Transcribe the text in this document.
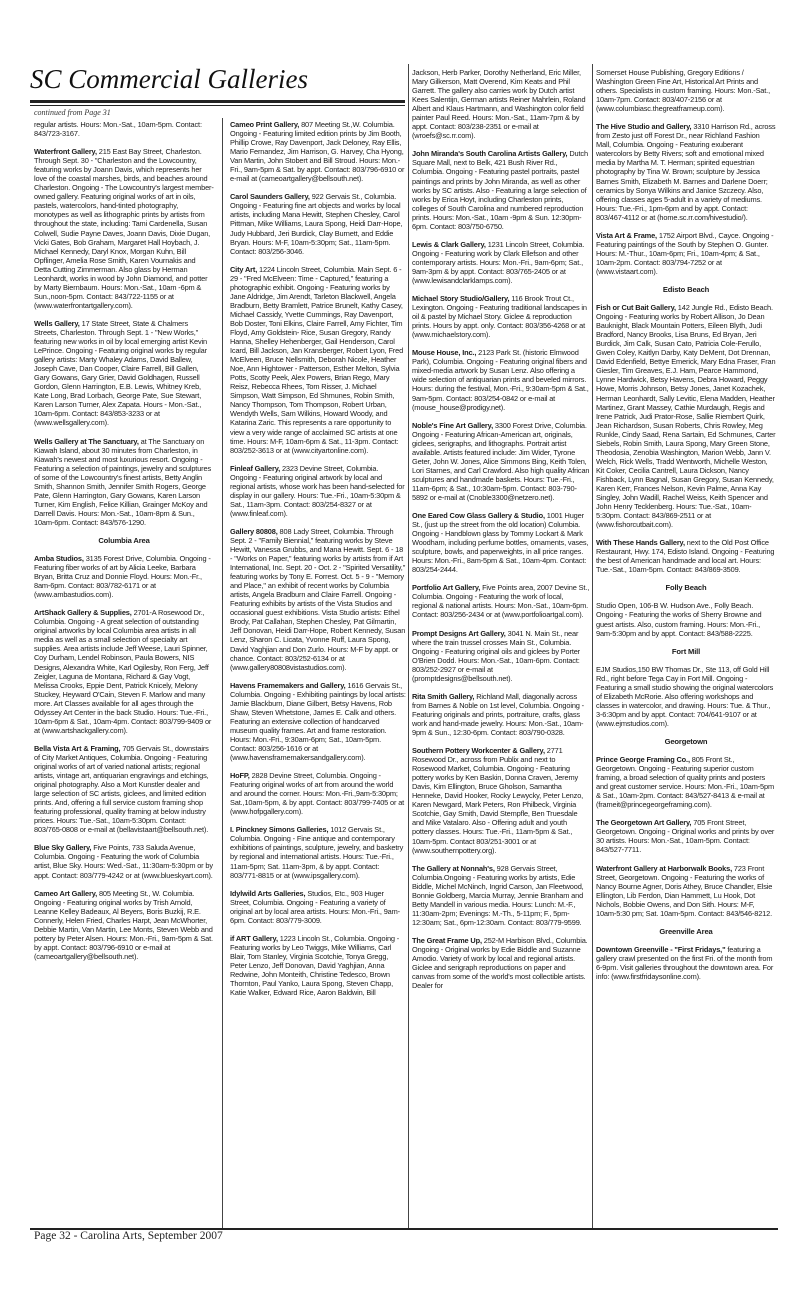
SC Commercial Galleries
continued from Page 31
regular artists. Hours: Mon.-Sat., 10am-5pm. Contact: 843/723-3167.
Waterfront Gallery, 215 East Bay Street, Charleston. Through Sept. 30 - "Charleston and the Lowcountry, featuring works by Joann Davis, which represents her love of the coastal marshes, birds, and beaches around Charleston. Ongoing - The Lowcountry's largest member-owned gallery. Featuring original works of art in oils, pastels, watercolors, hand-tinted photography, monotypes as well as lithographic prints by artists from throughout the state, including: Tami Cardenella, Susan Colwell, Sudie Payne Daves, Joann Davis, Dixie Dugan, Vicki Gates, Bob Graham, Margaret Hall Hoybach, J. Michael Kennedy, Daryl Knox, Morgan Kuhn, Bill Opflinger, Amelia Rose Smith, Karen Vournakis and Detta Cutting Zimmerman. Also glass by Herman Leonhardt, works in wood by John Diamond, and potter by Marty Biernbaum. Hours: Mon.-Sat., 10am -6pm & Sun.,noon-5pm. Contact: 843/722-1155 or at (www.waterfrontartgallery.com).
Wells Gallery, 17 State Street, State & Chalmers Streets, Charleston. Through Sept. 1 - "New Works," featuring new works in oil by local emerging artist Kevin LePrince. Ongoing - Featuring original works by regular gallery artists: Marty Whaley Adams, David Ballew, Joseph Cave, Dan Cooper, Claire Farrell, Bill Gallen, Gary Gowans, Gary Grier, David Goldhagen, Russell Gordon, Glenn Harrington, E.B. Lewis, Whitney Kreb, Kate Long, Brad Lorbach, George Pate, Sue Stewart, Karen Larson Turner, Alex Zapata. Hours - Mon.-Sat., 10am-6pm. Contact: 843/853-3233 or at (www.wellsgallery.com).
Wells Gallery at The Sanctuary, at The Sanctuary on Kiawah Island, about 30 minutes from Charleston, in Kiawah's newest and most luxurious resort. Ongoing - Featuring a selection of paintings, jewelry and sculptures of some of the Lowcountry's finest artists, Betty Anglin Smith, Shannon Smith, Jennifer Smith Rogers, George Pate, Glenn Harrington, Gary Gowans, Karen Larson Turner, Kim English, Felice Killian, Grainger McKoy and Darrell Davis. Hours: Mon.-Sat., 10am-8pm & Sun., 10am-6pm. Contact: 843/576-1290.
Columbia Area
Amba Studios, 3135 Forest Drive, Columbia. Ongoing - Featuring fiber works of art by Alicia Leeke, Barbara Bryan, Britta Cruz and Donnie Floyd. Hours: Mon.-Fr., 8am-6pm. Contact: 803/782-6171 or at (www.ambastudios.com).
ArtShack Gallery & Supplies, 2701-A Rosewood Dr., Columbia. Ongoing - A great selection of outstanding original artworks by local Columbia area artists in all media as well as a small selection of specialty art supplies. Area artists include Jeff Weese, Lauri Spinner, Coy Durham, Lendel Robinson, Paula Bowers, NIS Designs, Alexandra White, Karl Ogilesby, Ron Ferg, Jeff Zeigler, Laguna de Montana, Richard & Gay Vogt, Melissa Crooks, Eppie Dent, Patrick Knicely, Melony Stuckey, Heyward O'Cain, Steven F. Marlow and many more. Art Classes available for all ages through the Odyssey Art Center in the back Studio. Hours: Tue.-Fri., 10am-6pm & Sat., 10am-4pm. Contact: 803/799-9409 or at (www.artshackgallery.com).
Bella Vista Art & Framing, 705 Gervais St., downstairs of City Market Antiques, Columbia. Ongoing - Featuring original works of art of varied national artists; regional artists, vintage art, antiquarian engravings and etchings, original photography. Also a Mort Kunstler dealer and large selection of SC artists, giclees, and limited edition prints. And, offering a full service custom framing shop featuring professional, quality framing at below industry prices. Hours: Tue.-Sat., 10am-5:30pm. Contact: 803/765-0808 or e-mail at (bellavistaart@bellsouth.net).
Blue Sky Gallery, Five Points, 733 Saluda Avenue, Columbia. Ongoing - Featuring the work of Columbia artist, Blue Sky. Hours: Wed.-Sat., 11:30am-5:30pm or by appt. Contact: 803/779-4242 or at (www.blueskyart.com).
Cameo Art Gallery, 805 Meeting St., W. Columbia. Ongoing - Featuring original works by Trish Arnold, Leanne Kelley Badeaux, Al Beyers, Boris Buzkij, R.E. Connerly, Helen Fried, Charles Harpt, Jean McWhorter, Debbie Martin, Van Martin, Lee Monts, Steven Webb and pottery by Peter Alsen. Hours: Mon.-Fri., 9am-5pm & Sat. by appt. Contact: 803/796-6910 or e-mail at (cameoartgallery@bellsouth.net).
Cameo Print Gallery, 807 Meeting St.,W. Columbia. Ongoing - Featuring limited edition prints by Jim Booth, Phillip Crowe, Ray Davenport, Jack Deloney, Ray Ellis, Mario Fernandez, Jim Harrison, G. Harvey, Cha Hyong, Van Martin, John Stobert and Bill Stroud. Hours: Mon.-Fri., 9am-5pm & Sat. by appt. Contact: 803/796-6910 or e-mail at (cameoartgallery@bellsouth.net).
Carol Saunders Gallery, 922 Gervais St., Columbia. Ongoing - Featuring fine art objects and works by local artists, including Mana Hewitt, Stephen Chesley, Carol Pittman, Mike Williams, Laura Spong, Heidi Darr-Hope, Judy Hubbard, Jeri Burdick, Clay Burnett, and Eddie Bryan. Hours: M-F, 10am-5:30pm; Sat., 11am-5pm. Contact: 803/256-3046.
City Art, 1224 Lincoln Street, Columbia. Main Sept. 6 - 29 - "Fred McElveen: Time - Captured," featuring a photographic exhibit. Ongoing - Featuring works by Jane Aldridge, Jim Arendt, Tarleton Blackwell, Angela Bradburn, Betty Bramlett, Patrice Brunelt, Kathy Casey, Michael Cassidy, Yvette Cummings, Ray Davenport, Bob Doster, Toni Elkins, Claire Farrell, Amy Fichter, Tim Floyd, Amy Goldstein- Rice, Susan Gregory, Randy Hanna, Shelley Hehenberger, Gail Henderson, Carol Icard, Bill Jackson, Jan Kransberger, Robert Lyon, Fred McElveen, Bruce Nellsmith, Deborah Nicole, Heather Noe, Ann Hightower - Patterson, Esther Melton, Sylvia Potts, Scotty Peek, Alex Powers, Brian Rego, Mary Reisz, Rebecca Rhees, Tom Risser, J. Michael Simpson, Watt Simpson, Ed Shmunes, Robin Smith, Nancy Thompson, Tom Thompson, Robert Urban, Wendyth Wells, Sam Wilkins, Howard Woody, and Katarina Zaric. This represents a rare opportunity to view a very wide range of acclaimed SC artists at one time. Hours: M-F, 10am-6pm & Sat., 11-3pm. Contact: 803/252-3613 or at (www.cityartonline.com).
Finleaf Gallery, 2323 Devine Street, Columbia. Ongoing - Featuring original artwork by local and regional artists, whose work has been hand-selected for display in our gallery. Hours: Tue.-Fri., 10am-5:30pm & Sat., 11am-3pm. Contact: 803/254-8327 or at (www.finleaf.com).
Gallery 80808, 808 Lady Street, Columbia. Through Sept. 2 - "Family Biennial," featuring works by Steve Hewitt, Vanessa Grubbs, and Mana Hewitt. Sept. 6 - 18 - "Works on Paper," featuring works by artists from if Art International, Inc. Sept. 20 - Oct. 2 - "Spirited Versatility," featuring works by Tony E. Forrest. Oct. 5 - 9 - "Memory and Place," an exhibit of recent works by Columbia artists, Angela Bradburn and Claire Farrell. Ongoing - Featuring exhibits by artists of the Vista Studios and occasional guest exhibitions. Vista Studio artists: Ethel Brody, Pat Callahan, Stephen Chesley, Pat Gilmartin, Jeff Donovan, Heidi Darr-Hope, Robert Kennedy, Susan Lenz, Sharon C. Licata, Yvonne Ruff, Laura Spong, David Yaghjian and Don Zurlo. Hours: M-F by appt. or chance. Contact: 803/252-6134 or at (www.gallery80808vistastudios.com).
Havens Framemakers and Gallery, 1616 Gervais St., Columbia. Ongoing - Exhibiting paintings by local artists: Jamie Blackburn, Diane Gilbert, Betsy Havens, Rob Shaw, Steven Whetstone, James E. Calk and others. Featuring an extensive collection of handcarved museum quality frames. Art and frame restoration. Hours: Mon.-Fri., 9:30am-6pm; Sat., 10am-5pm. Contact: 803/256-1616 or at (www.havensframemakersandgallery.com).
HoFP, 2828 Devine Street, Columbia. Ongoing - Featuring original works of art from around the world and around the corner. Hours: Mon.-Fri.,9am-5:30pm; Sat.,10am-5pm, & by appt. Contact: 803/799-7405 or at (www.hofpgallery.com).
I. Pinckney Simons Galleries, 1012 Gervais St., Columbia. Ongoing - Fine antique and contemporary exhibitions of paintings, sculpture, jewelry, and basketry by regional and international artists. Hours: Tue.-Fri., 11am-5pm; Sat. 11am-3pm, & by appt. Contact: 803/771-8815 or at (www.ipsgallery.com).
Idylwild Arts Galleries, Studios, Etc., 903 Huger Street, Columbia. Ongoing - Featuring a variety of original art by local area artists. Hours: Mon.-Fri., 9am-6pm. Contact: 803/779-3009.
if ART Gallery, 1223 Lincoln St., Columbia. Ongoing - Featuring works by Leo Twiggs, Mike Williams, Carl Blair, Tom Stanley, Virginia Scotchie, Tonya Gregg, Peter Lenzo, Jeff Donovan, David Yaghjian, Anna Redwine, John Monteith, Christine Tedesco, Brown Thornton, Paul Yanko, Laura Spong, Steven Chapp, Katie Walker, Edward Rice, Aaron Baldwin, Bill
Jackson, Herb Parker, Dorothy Netherland, Eric Miller, Mary Gilkerson, Matt Overend, Kim Keats and Phil Garrett. The gallery also carries work by Dutch artist Kees Salentijn, German artists Reiner Mahrlein, Roland Albert and Klaus Hartmann, and Washington color field painter Paul Reed. Hours: Mon.-Sat., 11am-7pm & by appt. Contact: 803/238-2351 or e-mail at (wroefs@sc.rr.com).
John Miranda's South Carolina Artists Gallery, Dutch Square Mall, next to Belk, 421 Bush River Rd., Columbia. Ongoing - Featuring pastel portraits, pastel paintings and prints by John Miranda, as well as other works by SC artists. Also - Featuring a large selection of works by Erica Hoyt, including Charleston prints, colleges of South Carolina and numbered reproduction prints. Hours: Mon.-Sat., 10am -9pm & Sun. 12:30pm-6pm. Contact: 803/750-6750.
Lewis & Clark Gallery, 1231 Lincoln Street, Columbia. Ongoing - Featuring work by Clark Ellefson and other contemporary artists. Hours: Mon.-Fri., 9am-6pm; Sat., 9am-3pm & by appt. Contact: 803/765-2405 or at (www.lewisandclarklamps.com).
Michael Story Studio/Gallery, 116 Brook Trout Ct., Lexington. Ongoing - Featuring traditional landscapes in oil & pastel by Michael Story. Giclee & reproduction prints. Hours by appt. only. Contact: 803/356-4268 or at (www.michaelstory.com).
Mouse House, Inc., 2123 Park St. (historic Elmwood Park), Columbia. Ongoing - Featuring original fibers and mixed-media artwork by Susan Lenz. Also offering a wide selection of antiquarian prints and beveled mirrors. Hours: during the festival, Mon.-Fri., 9:30am-5pm & Sat., 9am-5pm. Contact: 803/254-0842 or e-mail at (mouse_house@prodigy.net).
Noble's Fine Art Gallery, 3300 Forest Drive, Columbia. Ongoing - Featuring African-American art, originals, giclees, serigraphs, and lithographs. Portrait artist available. Artists featured include: Jim Wider, Tyrone Geter, John W. Jones, Alice Simmons Bing, Keith Tolen, Lori Starnes, and Carl Crawford. Also high quality African sculptures and handmade baskets. Hours: Tue.-Fri., 11am-6pm; & Sat., 10:30am-5pm. Contact: 803-790-5892 or e-mail at (Cnoble3300@netzero.net).
One Eared Cow Glass Gallery & Studio, 1001 Huger St., (just up the street from the old location) Columbia. Ongoing - Handblown glass by Tommy Lockart & Mark Woodham, including perfume bottles, ornaments, vases, sculpture, bowls, and paperweights, in all price ranges. Hours: Mon.-Fri., 8am-5pm & Sat., 10am-4pm. Contact: 803/254-2444.
Portfolio Art Gallery, Five Points area, 2007 Devine St., Columbia. Ongoing - Featuring the work of local, regional & national artists. Hours: Mon.-Sat., 10am-6pm. Contact: 803/256-2434 or at (www.portfolioartgal.com).
Prompt Designs Art Gallery, 3041 N. Main St., near where the train trussel crosses Main St., Columbia. Ongoing - Featuring original oils and giclees by Porter O'Brien Dodd. Hours: Mon.-Sat., 10am-6pm. Contact: 803/252-2927 or e-mail at (promptdesigns@bellsouth.net).
Rita Smith Gallery, Richland Mall, diagonally across from Barnes & Noble on 1st level, Columbia. Ongoing - Featuring originals and prints, portraiture, crafts, glass work and hand-made jewelry. Hours: Mon.-Sat., 10am-9pm & Sun., 12:30-6pm. Contact: 803/790-0328.
Southern Pottery Workcenter & Gallery, 2771 Rosewood Dr., across from Publix and next to Rosewood Market, Columbia. Ongoing - Featuring pottery works by Ken Baskin, Donna Craven, Jeremy Davis, Kim Ellington, Bruce Gholson, Samantha Henneke, David Hooker, Rocky Lewycky, Peter Lenzo, Karen Newgard, Mark Peters, Ron Philbeck, Virginia Scotchie, Gay Smith, David Stempfle, Ben Truesdale and Mike Vatalaro. Also - Offering adult and youth pottery classes. Hours: Tue.-Fri., 11am-5pm & Sat., 10am-5pm. Contact 803/251-3001 or at (www.southernpottery.org).
The Gallery at Nonnah's, 928 Gervais Street, Columbia.Ongoing - Featuring works by artists, Edie Biddle, Michel McNinch, Ingrid Carson, Jan Fleetwood, Bonnie Goldberg, Marcia Murray, Jennie Branham and Betty Mandell in various media. Hours: Lunch: M.-F., 11:30am-2pm; Evenings: M.-Th., 5-11pm; F., 5pm-12:30am; Sat., 6pm-12:30am. Contact: 803/779-9599.
The Great Frame Up, 252-M Harbison Blvd., Columbia. Ongoing - Original works by Edie Biddle and Suzanne Amodio. Variety of work by local and regional artists. Giclee and serigraph reproductions on paper and canvas from some of the world's most collectible artists. Dealer for
Somerset House Publishing, Gregory Editions / Washington Green Fine Art, Historical Art Prints and others. Specialists in custom framing. Hours: Mon.-Sat., 10am-7pm. Contact: 803/407-2156 or at (www.columbiasc.thegreatframeup.com).
The Hive Studio and Gallery, 3310 Harrison Rd., across from Zesto just off Forest Dr., near Richland Fashion Mall, Columbia. Ongoing - Featuring exuberant watercolors by Betty Rivers; soft and emotional mixed media by Martha M. T. Herman; spirited equestrian photography by Tina W. Brown; sculpture by Jessica Barnes Smith, Elizabeth M. Barnes and Darlene Doerr; ceramics by Sonya Wilkins and Janice Szczecy. Also, offering classes ages 5-adult in a variety of mediums. Hours: Tue.-Fri., 1pm-6pm and by appt. Contact: 803/467-4112 or at (home.sc.rr.com/hivestudio/).
Vista Art & Frame, 1752 Airport Blvd., Cayce. Ongoing - Featuring paintings of the South by Stephen O. Gunter. Hours: M.-Thur., 10am-6pm; Fri., 10am-4pm; & Sat., 10am-2pm. Contact: 803/794-7252 or at (www.vistaart.com).
Edisto Beach
Fish or Cut Bait Gallery, 142 Jungle Rd., Edisto Beach. Ongoing - Featuring works by Robert Allison, Jo Dean Bauknight, Black Mountain Potters, Eileen Blyth, Judi Bradford, Nancy Brooks, Lisa Bruns, Ed Bryan, Jeri Burdick, Jim Calk, Susan Cato, Patricia Cole-Ferullo, Gwen Coley, Kaitlyn Darby, Katy DeMent, Dot Drennan, David Edenfield, Bettye Emerick, Mary Edna Fraser, Fran Giesler, Tim Greaves, E.J. Ham, Pearce Hammond, Lynne Hardwick, Betsy Havens, Debra Howard, Peggy Howe, Morris Johnson, Betsy Jones, Janet Kozachek, Herman Leonhardt, Sally Levitic, Elena Madden, Heather Martinez, Grant Massey, Cathie Murdaugh, Regis and Irene Patrick, Judi Prator-Rose, Sallie Riembert Quirk, Jean Richardson, Susan Roberts, Chris Rowley, Meg Runkle, Cindy Saad, Rena Sartain, Ed Schmunes, Carter Siebels, Robin Smith, Laura Spong, Mary Green Stone, Theodosia, Zenobia Washington, Marion Webb, Jann V. Welch, Rick Wells, Tradd Wentworth, Michelle Weston, Kit Coker, Cecilia Cantrell, Laura Dickson, Nancy Fishback, Lynn Bagnal, Susan Gregory, Susan Kennedy, Karen Kerr, Frances Nelson, Kevin Palme, Anna Kay Singley, John Wadill, Rachel Weiss, Keith Spencer and John Henry Tecklenberg. Hours: Tue.-Sat., 10am-5:30pm. Contact: 843/869-2511 or at (www.fishorcutbait.com).
With These Hands Gallery, next to the Old Post Office Restaurant, Hwy. 174, Edisto Island. Ongoing - Featuring the best of American handmade and local art. Hours: Tue.-Sat., 10am-5pm. Contact: 843/869-3509.
Folly Beach
Studio Open, 106-B W. Hudson Ave., Folly Beach. Ongoing - Featuring the works of Sherry Browne and guest artists. Also, custom framing. Hours: Mon.-Fri., 9am-5:30pm and by appt. Contact: 843/588-2225.
Fort Mill
EJM Studios,150 BW Thomas Dr., Ste 113, off Gold Hill Rd., right before Tega Cay in Fort Mill. Ongoing - Featuring a small studio showing the original watercolors of Elizabeth McRorie. Also offering workshops and classes in watercolor, and drawing. Hours: Tue. & Thur., 3-6:30pm and by appt. Contact: 704/641-9107 or at (www.ejmstudios.com).
Georgetown
Prince George Framing Co., 805 Front St., Georgetown. Ongoing - Featuring superior custom framing, a broad selection of quality prints and posters and great customer service. Hours: Mon.-Fri., 10am-5pm & Sat., 10am-2pm. Contact: 843/527-8413 & e-mail at (frameit@princegeorgeframing.com).
The Georgetown Art Gallery, 705 Front Street, Georgetown. Ongoing - Original works and prints by over 30 artists. Hours: Mon.-Sat., 10am-5pm. Contact: 843/527-7711.
Waterfront Gallery at Harborwalk Books, 723 Front Street, Georgetown. Ongoing - Featuring the works of Nancy Bourne Agner, Doris Athey, Bruce Chandler, Elsie Ellington, Lib Ferdon, Dian Hammett, Lu Hook, Dot Nichols, Bobbie Owens, and Don Sith. Hours: M-F, 10am-5:30 pm; Sat. 10am-5pm. Contact: 843/546-8212.
Greenville Area
Downtown Greenville - "First Fridays," featuring a gallery crawl presented on the first Fri. of the month from 6-9pm. Visit galleries throughout the downtown area. For info: (www.firstfridaysonline.com).
Page 32 - Carolina Arts, September 2007
